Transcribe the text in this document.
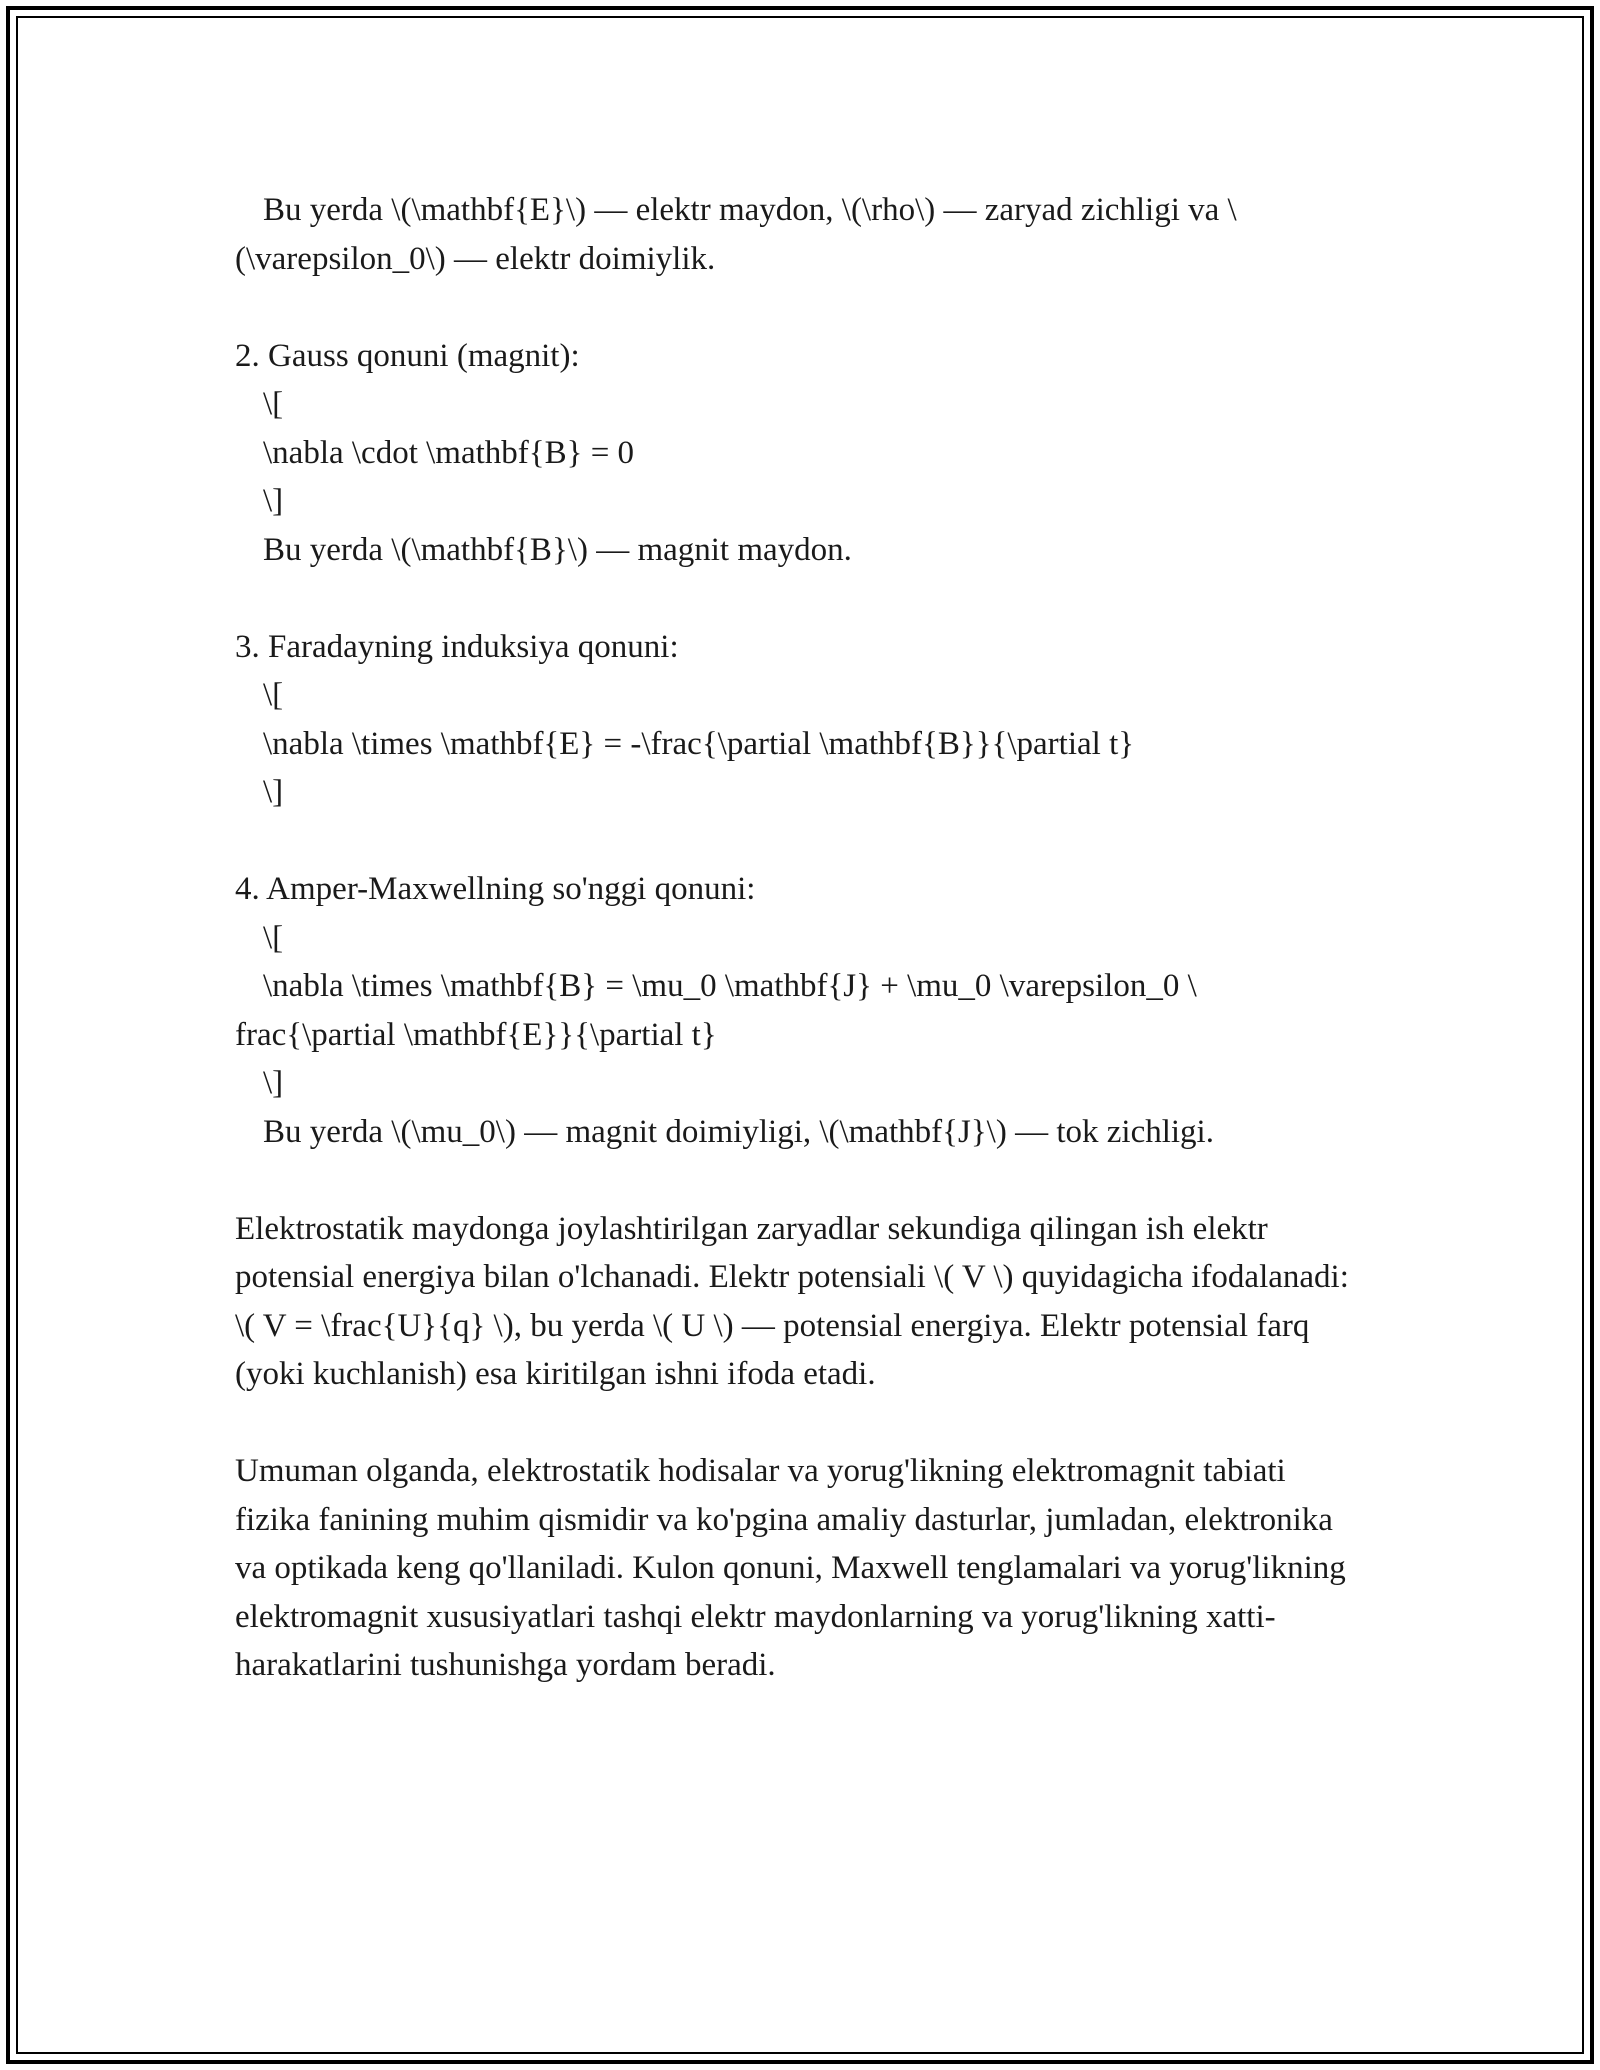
Bu yerda \(\mathbf{E}\) — elektr maydon, \(\rho\) — zaryad zichligi va \
(\varepsilon_0\) — elektr doimiylik.
2. Gauss qonuni (magnit):
\[
\nabla \cdot \mathbf{B} = 0
\]
Bu yerda \(\mathbf{B}\) — magnit maydon.
3. Faradayning induksiya qonuni:
\[
\nabla \times \mathbf{E} = -\frac{\partial \mathbf{B}}{\partial t}
\]
4. Amper-Maxwellning so'nggi qonuni:
\[
\nabla \times \mathbf{B} = \mu_0 \mathbf{J} + \mu_0 \varepsilon_0 \
frac{\partial \mathbf{E}}{\partial t}
\]
Bu yerda \(\mu_0\) — magnit doimiyligi, \(\mathbf{J}\) — tok zichligi.
Elektrostatik maydonga joylashtirilgan zaryadlar sekundiga qilingan ish elektr potensial energiya bilan o'lchanadi. Elektr potensiali \( V \) quyidagicha ifodalanadi: \( V = \frac{U}{q} \), bu yerda \( U \) — potensial energiya. Elektr potensial farq (yoki kuchlanish) esa kiritilgan ishni ifoda etadi.
Umuman olganda, elektrostatik hodisalar va yorug'likning elektromagnit tabiati fizika fanining muhim qismidir va ko'pgina amaliy dasturlar, jumladan, elektronika va optikada keng qo'llaniladi. Kulon qonuni, Maxwell tenglamalari va yorug'likning elektromagnit xususiyatlari tashqi elektr maydonlarning va yorug'likning xatti-harakatlarini tushunishga yordam beradi.
